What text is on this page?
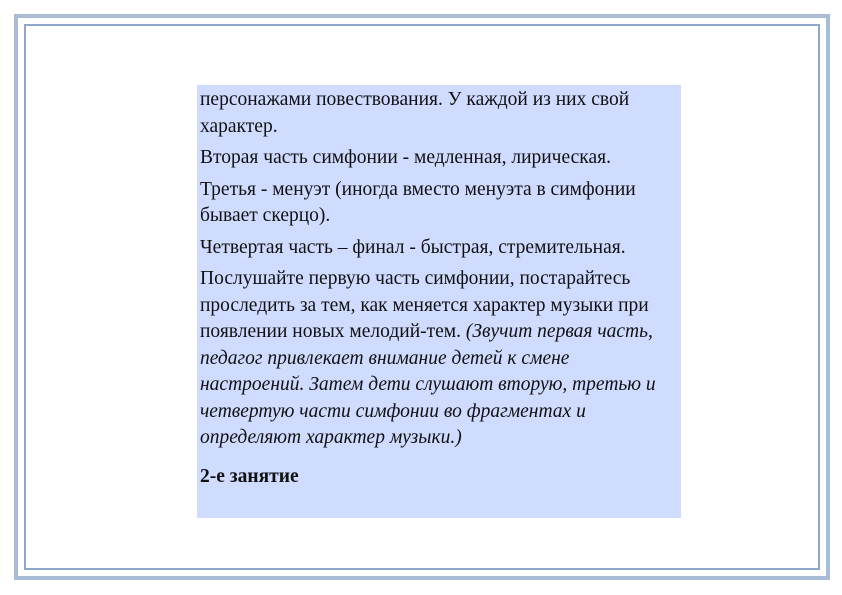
персонажами повествования. У каждой из них свой характер.

Вторая часть симфонии - медленная, лирическая.

Третья - менуэт (иногда вместо менуэта в симфонии бывает скерцо).

Четвертая часть – финал - быстрая, стремительная.

Послушайте первую часть симфонии, постарайтесь проследить за тем, как меняется характер музыки при появлении новых мелодий-тем. (Звучит первая часть, педагог привлекает внимание детей к смене настроений. Затем дети слушают вторую, третью и четвертую части симфонии во фрагментах и определяют характер музыки.)

2-е занятие
